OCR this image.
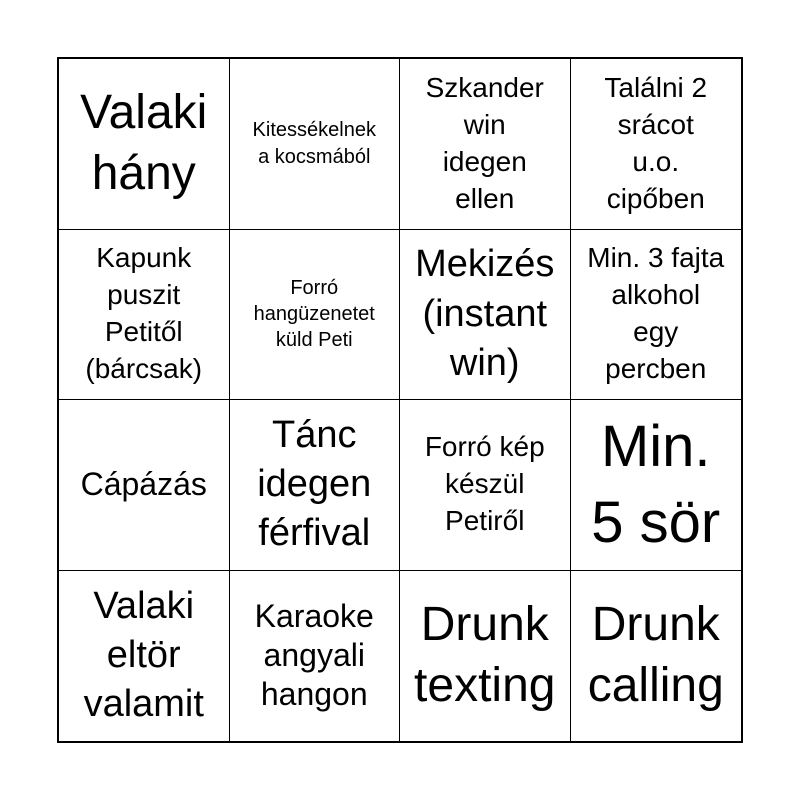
Valaki
hány
Kitessékelnek
a kocsmából
Szkander
win
idegen
ellen
Találni 2
srácot
u.o.
cipőben
Kapunk
puszit
Petitől
(bárcsak)
Forró
hangüzenetet
küld Peti
Mekizés
(instant
win)
Min. 3 fajta
alkohol
egy
percben
Cápázás
Tánc
idegen
férfival
Forró kép
készül
Petiről
Min.
5 sör
Valaki
eltör
valamit
Karaoke
angyali
hangon
Drunk
texting
Drunk
calling
